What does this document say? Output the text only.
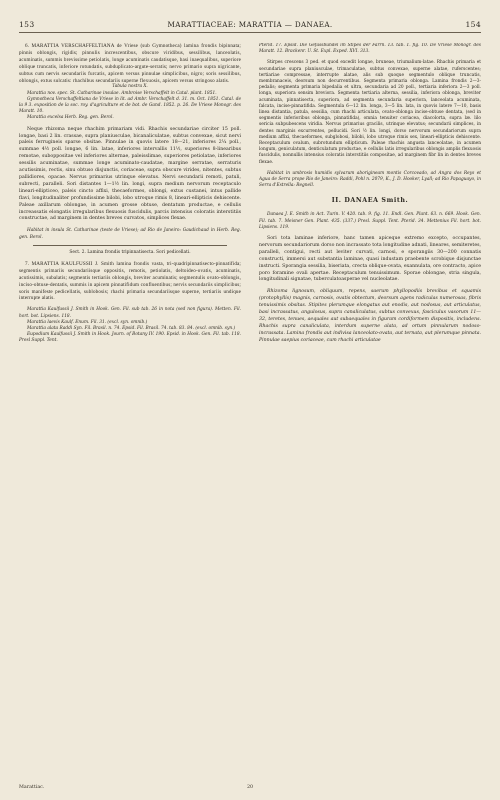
153	MARATTIACEAE: MARATTIA — DANAEA.	154

6. MARATTIA VERSCHAFFELTIANA de Vriese (sub Gymnotheca) lamina frondis bipinnata; pinnis oblongis, rigidis; pinnulis increscentibus, obscure viridibus, sessilibus, lanceolatis, acuminatis, summis brevissime petiolatis, longe acuminatis caudatisque, basi inaequalibus, superiore oblique truncatis, inferiore rotundatis, subduplicato-argute-serratis; nervo primario supra nigricante, subtus cum nervis secundariis furcatis, apicem versus pinnulae simplicibus, nigro; soris sessilibus, oblongis, extus sulcatis: rhachibus secundariis superne flexuosis, apicem versus stringoso alatis.

Tabula nostra X.

Marattia nov. spec. St. Catharinae insulae. Ambroise Verschaffelt in Catal. plant. 1851.

Gymnotheca Verschaffeltiana de Vriese in lit. ad Ambr. Verschaffelt d. 31. m. Oct. 1851. Catal. de la 9 3. exposition de la soc. roy. d'agriculture et de bot. de Gand. 1852. p. 26. De Vriese Monogr. des Maratt. 10.

Marattia excelsa Herb. Reg. gen. Berol.

Neque rhizoma neque rhachim primariam vidi. Rhachis secundariae circiter 15 poll. longae, basi 2 lin. crassae, supra planiusculae, bicanaliculatae, subtus convexae, sicut nervi paleis ferrugineis sparse obsitae. Pinnulae in quovis latere 18—21, inferiores 2¼ poll., summae 4½ poll. longae, 6 lin. latae, inferiores intervallis 11½, superiores 8-linearibus remotae, suboppositae vel inferiores alternae, paleisslimae, superiores petiolatae, inferiores sessilis acuminatae, summae longe acuminato-caudatae, margine serratae, serraturis acutissimis, rectis, sinu obtuso disjunctis, coriaceae, supra obscure virides, nitentes, subtus pallidiores, opacae. Nervus primarius utrinque elevatus. Nervi secundarii remoti, patuli, subrecti, paralleli. Sori distantes 1—1½ lin. longi, supra medium nervorum receptaculo lineari-ellipticeo, paleis cincto affixi, thecaeformes, oblongi, extus custanei, intus pallide flavi, longitudinaliter profundissime bilobi, lobo utroque rimis 8, lineari-ellipticis dehiscente. Paleae axillarum oblongae, in acumen grosse obtuse, dentatum productae, e cellulis increassatis elongatis irregularibus flexuosis fuscidulis, parcis intensius coloratis interstitiis constructae, ad marginem in dentes breves curvatos, simplices flexae.

Habitat in insula St. Catharinae (teste de Vriese); ad Rio de Janeiro: Gaudichaud in Herb. Reg. gen. Berol.

Sect. 2. Lamina frondis tripinnatisecta. Sori pedicellati.

7. MARATTIA KAULFUSSII J. Smith lamina frondis vasta, tri-quadripinnatisecto-pinnatifida; segmentis primariis secundariisque oppositis, remotis, petiolatis, deltoideo-ovatis, acuminatis, acutissimis, subalatis; segmentis tertiariis oblongis, breviter acuminatis; segmentulis ovato-oblongis, inciso-obtuse-dentatis, summis in apicem pinnatifidum confluentibus; nervis secundariis simplicibus; soris manifeste pedicellatis, sublobosis; rhachi primaria secundariisque superne, tertiariis undique interrupte alatis.

Marattia Kaulfussii J. Smith in Hook. Gen. Fil. sub tab. 26 in nota (sed non figura). Metten. Fil. hort. bot. Lipsiens. 118.

Marattia laevis Kaulf. Enum. Fil. 31. (excl. syn. omnib.)

Marattia alata Raddi Syn. Fil. Brasil. n. 74. Epsid. Fil. Brasil. 74. tab. 83. 84. (excl. omnib. syn.)

Eupodium Kaulfussii J. Smith in Hook. Journ. of Botany IV. 190. Epsid. in Hook. Gen. Fil. tab. 118. Presl Suppl. Tent.

Pterid. 17. Epsid. Die Gefässbündel im Stipes der Farrn. 13. tab. 1. fig. 10. De Vriese Monogr. des Maratt. 12. Brackenr. U. St. Expl. Exped. XVI. 313.

Stirpes crescens 3 ped. et quod excedit longae, bruneae, triumalium-latae. Rhachis primaria et secundariae supra planiusculae, trimaculatae, subtus convexae, superne alatae, ruferscentes; tertiariae compressae, interrupte alatae, alis sub quoque segmentulo oblique truncatis, membranaceis, deorsum non decurrentibus. Segmenta primaria oblonga. Lamina frondis 2—3-pedalis; segmenta primaria bipedalia et ultra, secundaria ad 20 poll., tertiaria inferiora 2—3 poll. longa, superiora sensim breviora. Segmenta tertiaria alterna, sessilia, inferiora oblonga, breviter acuminata, pinnatisecta, superiora, ad segmenta secundaria superiora, lanceolata acuminata, falcata, incise-pinnatifida. Segmentula 6—12 lin. longa, 3—5 lin. lata, in quovis latere 7—10, basis linea distantia, patula, sessilia, cum rhachi articulata, ovato-oblonga incise-obtuse dentata, (sed in segmentis inferioribus oblonga, pinnatifida), omnia tenuiter coriacea, diacolorta, supra læ. lilo sericia subpubescens viridia. Nervus primarius gracilis, utrinque elevatus; secundarii simplices, in dentes marginis excurrentes, pellucidi. Sori ½ lin. longi, dorso nervorum secundariorum supra medium affixi, thecaeformes, subglobosi, bilobi, lobo utroque rimis sex, lineari-ellipticis dehiscente. Receptaculum ovalum, subrotundum ellipticum. Paleae rhachis angusta lanceolatae, in acumen longum, geniculatum, denticulatum productae, e cellulis latis irregularibus oblongis amplis flexuosis fuscidulis, nonnullis intensius coloratis interstitiis compositae, ad marginem fibr lin in dentes breves flexae.

Habitat in umbrosis humidis sylvarum aborigineam montis Corcovado, ad Angra dos Reys et Agua de Serra prope Rio de Janeiro: Raddi, Pohl n. 2079, K., J. D. Hooker, Lyall; ad Rio Papaguayo, in Serra d'Estrella: Regnell.

II. DANAEA Smith.

Danaea J. E. Smith in Act. Turin. V. 420. tab. 9. fig. 11. Endl. Gen. Plant. 63. n. 669. Hook. Gen. Fil. tab. 7. Meisner Gen. Plant. 435. (337.) Presl. Suppl. Tent. Pterid. 34. Mettenius Fil. hort. bot. Lipsiens. 119.

Sori tota laminae inferiore, hanc tamen apiceque extremo excepto, occupantes, nervorum secundariorum dorso non incrassato tota longitudine adnati, lineares, semiteretes, paralleli, contigui, recti aut leviter curvati, carnosi, e sporangiis 30—200 connatis constructi, immersi aut substantia laminae, quasi industam praebente scrobique disjunctae instructi. Sporangia sessilia, biseriata, crecta oblique-ovata, exannulata, ore contracto, apice poro foramine ovali apertae. Receptaculum tenuissimum. Sporae oblongae, stria singula, longitudinali signatae, tuberculatoasperae vel nucleolatae.

Rhizoma lignosum, obliquum, repens, saerum phyllopodiis brevibus et squamis (protophyllis) magnis, carnosis, ovatis obtectum, deorsum agens radiculas numerosas, fibris tenuissimis obsitas. Stipites plerumque elongatus aut enodis, aut nodosus, aut articulatus, basi incrassatus, angulosus, supra canaliculatus, subtus convexus, fasciculus vasorum 11—32, teretes, tenues, aequales aut subaequales in figuram cordiformem dispositis, includens. Rhachis supra canaliculata, interdum superne alata, ad ortum pinnularum nodoso-incrassata. Lamina frondis aut indivisa lanceolato-ovata, aut ternata, aut plerumque pinnata. Pinnulae saepius coriaceae, cum rhachi articulatae

Marattiac.	20
